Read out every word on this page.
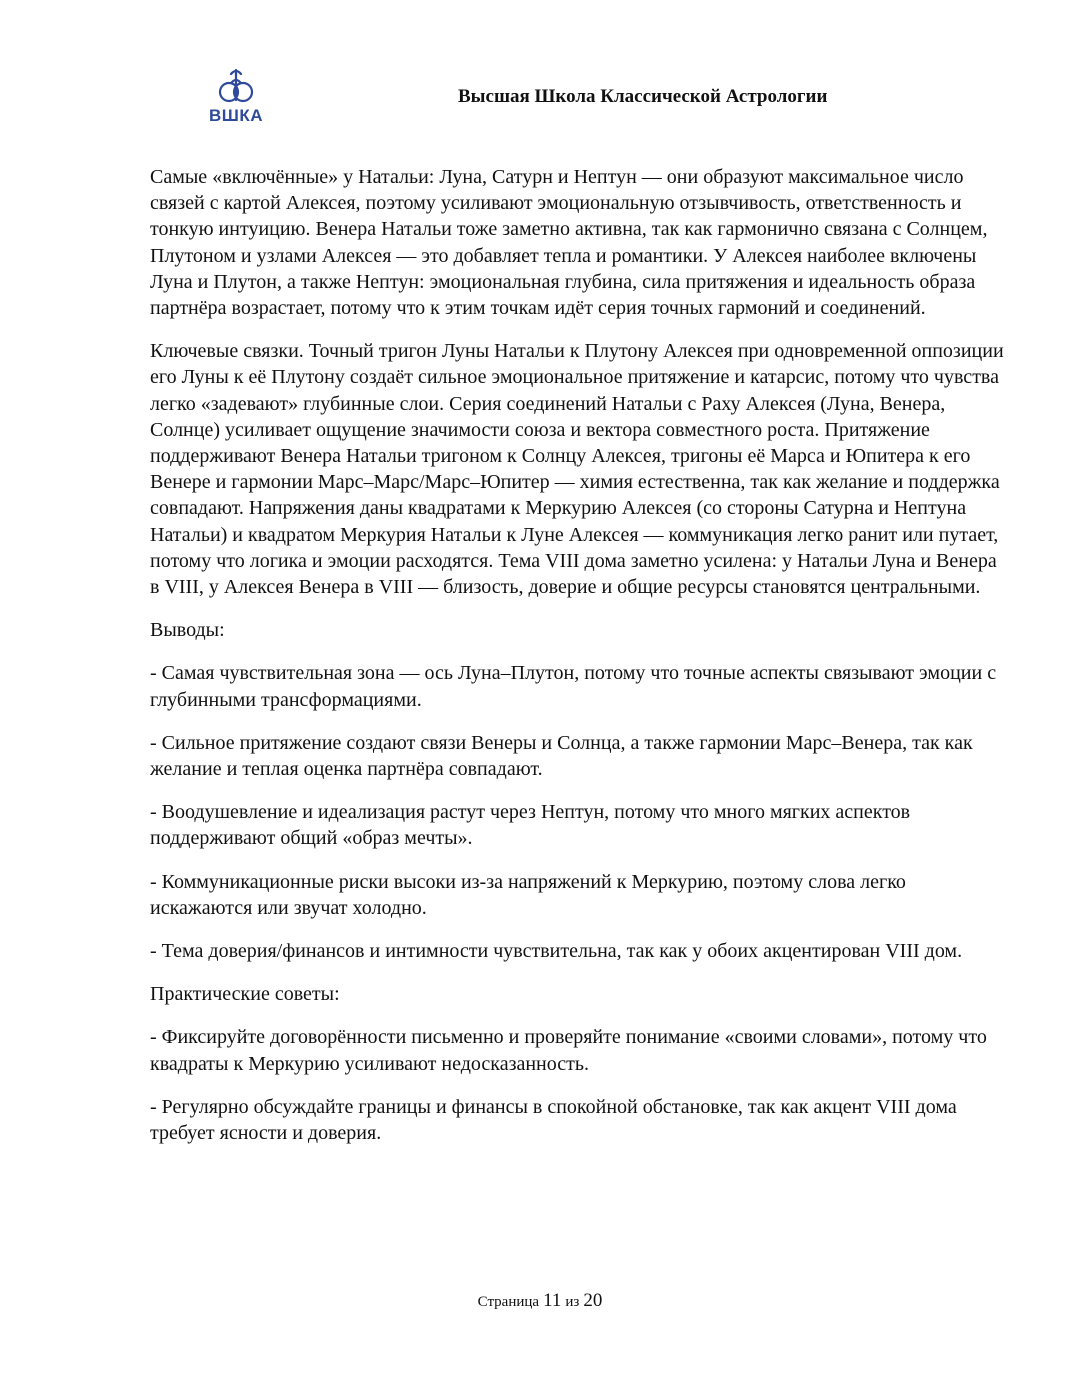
ВШКА
Высшая Школа Классической Астрологии

Самые «включённые» у Натальи: Луна, Сатурн и Нептун — они образуют максимальное число связей с картой Алексея, поэтому усиливают эмоциональную отзывчивость, ответственность и тонкую интуицию. Венера Натальи тоже заметно активна, так как гармонично связана с Солнцем, Плутоном и узлами Алексея — это добавляет тепла и романтики. У Алексея наиболее включены Луна и Плутон, а также Нептун: эмоциональная глубина, сила притяжения и идеальность образа партнёра возрастает, потому что к этим точкам идёт серия точных гармоний и соединений.

Ключевые связки. Точный тригон Луны Натальи к Плутону Алексея при одновременной оппозиции его Луны к её Плутону создаёт сильное эмоциональное притяжение и катарсис, потому что чувства легко «задевают» глубинные слои. Серия соединений Натальи с Раху Алексея (Луна, Венера, Солнце) усиливает ощущение значимости союза и вектора совместного роста. Притяжение поддерживают Венера Натальи тригоном к Солнцу Алексея, тригоны её Марса и Юпитера к его Венере и гармонии Марс–Марс/Марс–Юпитер — химия естественна, так как желание и поддержка совпадают. Напряжения даны квадратами к Меркурию Алексея (со стороны Сатурна и Нептуна Натальи) и квадратом Меркурия Натальи к Луне Алексея — коммуникация легко ранит или путает, потому что логика и эмоции расходятся. Тема VIII дома заметно усилена: у Натальи Луна и Венера в VIII, у Алексея Венера в VIII — близость, доверие и общие ресурсы становятся центральными.

Выводы:

- Самая чувствительная зона — ось Луна–Плутон, потому что точные аспекты связывают эмоции с глубинными трансформациями.

- Сильное притяжение создают связи Венеры и Солнца, а также гармонии Марс–Венера, так как желание и теплая оценка партнёра совпадают.

- Воодушевление и идеализация растут через Нептун, потому что много мягких аспектов поддерживают общий «образ мечты».

- Коммуникационные риски высоки из-за напряжений к Меркурию, поэтому слова легко искажаются или звучат холодно.

- Тема доверия/финансов и интимности чувствительна, так как у обоих акцентирован VIII дом.

Практические советы:

- Фиксируйте договорённости письменно и проверяйте понимание «своими словами», потому что квадраты к Меркурию усиливают недосказанность.

- Регулярно обсуждайте границы и финансы в спокойной обстановке, так как акцент VIII дома требует ясности и доверия.

Страница 11 из 20
